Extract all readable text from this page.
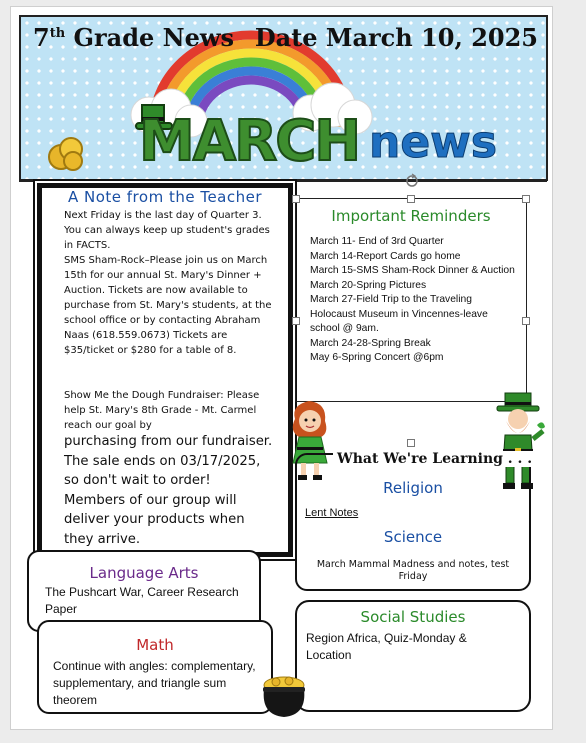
7th Grade News Date March 10, 2025
MARCH news
A Note from the Teacher

Next Friday is the last day of Quarter 3. You can always keep up student's grades in FACTS.

SMS Sham-Rock–Please join us on March 15th for our annual St. Mary's Dinner + Auction. Tickets are now available to purchase from St. Mary's students, at the school office or by contacting Abraham Naas (618.559.0673) Tickets are $35/ticket or $280 for a table of 8.

Show Me the Dough Fundraiser: Please help St. Mary's 8th Grade - Mt. Carmel reach our goal by

purchasing from our fundraiser. The sale ends on 03/17/2025, so don't wait to order! Members of our group will deliver your products when they arrive.

Important Reminders
March 11- End of 3rd Quarter
March 14-Report Cards go home
March 15-SMS Sham-Rock Dinner & Auction
March 20-Spring Pictures
March 27-Field Trip to the Traveling Holocaust Museum in Vincennes-leave school @ 9am.
March 24-28-Spring Break
May 6-Spring Concert @6pm
Religion
Lent Notes
Science
March Mammal Madness and notes, test Friday
What We're Learning . . .
Language Arts

The Pushcart War, Career Research Paper

Math

Continue with angles: complementary, supplementary, and triangle sum theorem

Social Studies

Region Africa, Quiz-Monday & Location
